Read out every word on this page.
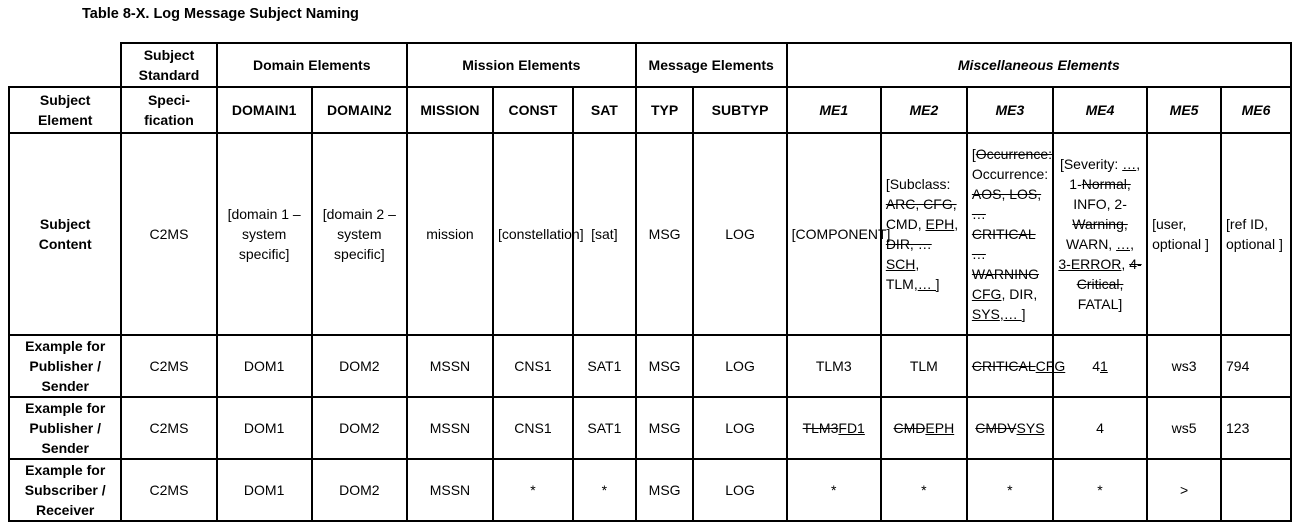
Table 8-X. Log Message Subject Naming
	Subject Standard	Domain Elements		Mission Elements			Message Elements		Miscellaneous Elements					
Subject Element	Speci-fication	DOMAIN1	DOMAIN2	MISSION	CONST	SAT	TYP	SUBTYP	ME1	ME2	ME3	ME4	ME5	ME6
Subject Content	C2MS	[domain 1 – system specific]	[domain 2 – system specific]	mission	[constellation]	[sat]	MSG	LOG	[COMPONENT]	[Subclass: ARC, CFG, CMD, EPH, DIR, … SCH, TLM,… ]	[Occurrence: Occurrence: AOS, LOS, …CRITICAL …WARNING CFG, DIR, SYS,… ]	[Severity: …, 1-Normal, INFO, 2-Warning, WARN, …, 3-ERROR, 4-Critical, FATAL]	[user, optional ]	[ref ID, optional ]
Example for Publisher / Sender	C2MS	DOM1	DOM2	MSSN	CNS1	SAT1	MSG	LOG	TLM3	TLM	CRITICALCFG	41	ws3	794
Example for Publisher / Sender	C2MS	DOM1	DOM2	MSSN	CNS1	SAT1	MSG	LOG	TLM3FD1	CMDEPH	CMDVSYS	4	ws5	123
Example for Subscriber / Receiver	C2MS	DOM1	DOM2	MSSN	*	*	MSG	LOG	*	*	*	*	>	
